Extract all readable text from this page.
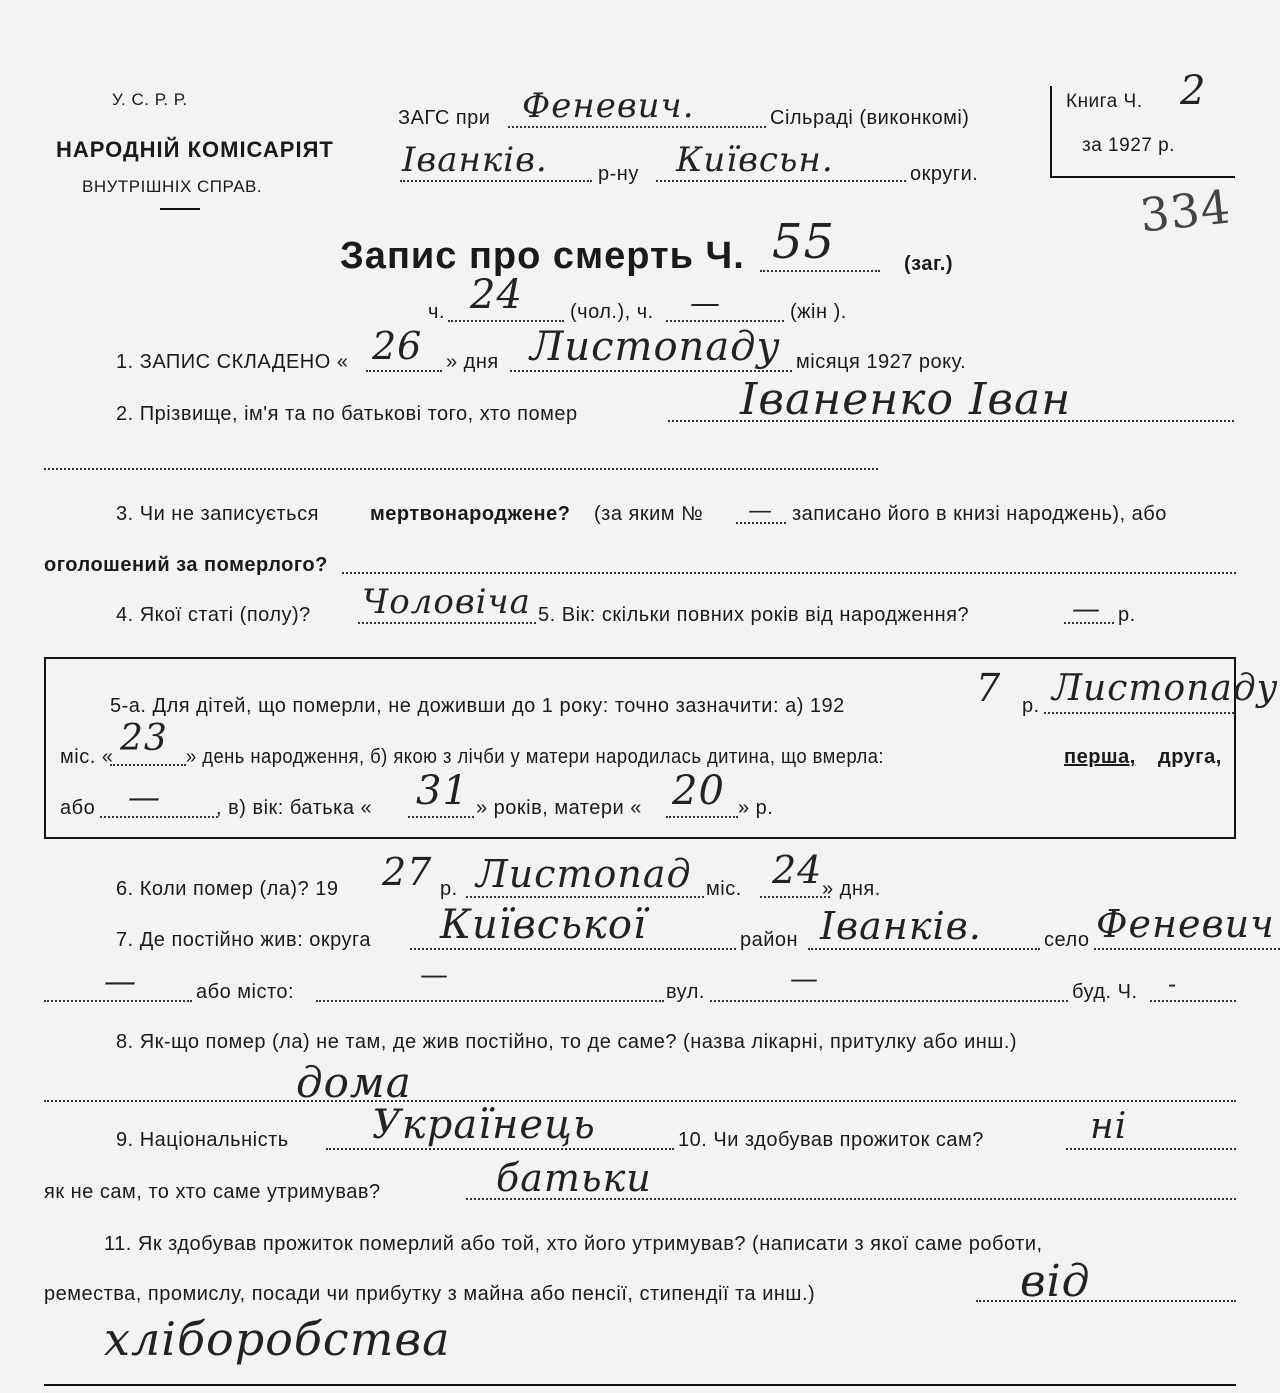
У. С. Р. Р.
НАРОДНІЙ КОМІСАРІЯТ
ВНУТРІШНІХ СПРАВ.
ЗАГС при Феневич.	Сільраді (виконкомі)
Іванків.	р-ну Київсьн.	округи.
Книга Ч. 2
за 1927 р.
334
Запис про смерть Ч. 55	(заг.)
ч. 24 (чол.), ч. —	(жін ).
1. ЗАПИС СКЛАДЕНО « 26 » дня Листопаду місяця 1927 року.
2. Прізвище, ім'я та по батькові того, хто помер	Іваненко Іван
3. Чи не записується	мертвонароджене? (за яким № — записано його в книзі народжень), або
оголошений за померлого?
4. Якої статі (полу)? Чоловіча 5. Вік: скільки повних років від народження?	— р.
5-а. Для дітей, що померли, не доживши до 1 року: точно зазначити: а) 192	7 р. Листопаду
міс. « 23 » день народження, б) якою з лічби у матери народилась дитина, що вмерла:	перша, друга,
або —	, в) вік: батька « 31 » років, матери « 20 » р.
6. Коли помер (ла)? 19 27 р. Листопад міс. 24 » дня.
7. Де постійно жив: округа Київської	район Іванків.	село Феневич
—	або місто:
—
вул.	—	буд. Ч. -
8. Як-що помер (ла) не там, де жив постійно, то де саме? (назва лікарні, притулку або инш.)
дома
9. Національність Українець	10. Чи здобував прожиток сам?	ні
як не сам, то хто саме утримував?	батьки
11. Як здобував прожиток померлий або той, хто його утримував? (написати з якої саме роботи,
ремества, промислу, посади чи прибутку з майна або пенсії, стипендії та инш.)	від
хліборобства
